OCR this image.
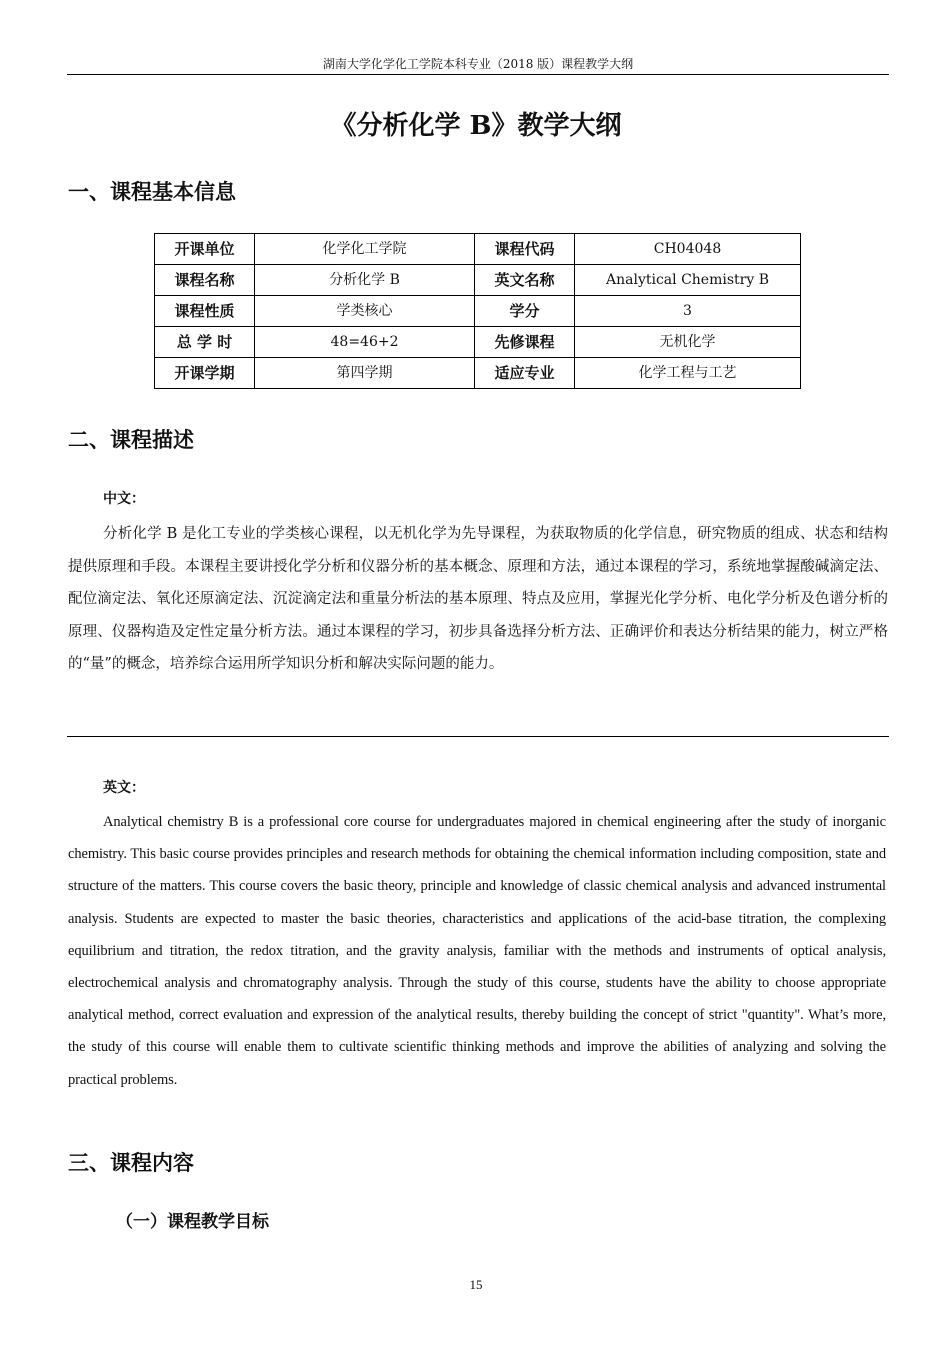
湖南大学化学化工学院本科专业（2018 版）课程教学大纲
《分析化学 B》教学大纲
一、课程基本信息
开课单位	化学化工学院	课程代码	CH04048
课程名称	分析化学 B	英文名称	Analytical Chemistry B
课程性质	学类核心	学分	3
总 学 时	48=46+2	先修课程	无机化学
开课学期	第四学期	适应专业	化学工程与工艺
二、课程描述
中文：

分析化学 B 是化工专业的学类核心课程，以无机化学为先导课程，为获取物质的化学信息，研究物质的组成、状态和结构提供原理和手段。本课程主要讲授化学分析和仪器分析的基本概念、原理和方法，通过本课程的学习，系统地掌握酸碱滴定法、配位滴定法、氧化还原滴定法、沉淀滴定法和重量分析法的基本原理、特点及应用，掌握光化学分析、电化学分析及色谱分析的原理、仪器构造及定性定量分析方法。通过本课程的学习，初步具备选择分析方法、正确评价和表达分析结果的能力，树立严格的“量”的概念，培养综合运用所学知识分析和解决实际问题的能力。

英文：

Analytical chemistry B is a professional core course for undergraduates majored in chemical engineering after the study of inorganic chemistry. This basic course provides principles and research methods for obtaining the chemical information including composition, state and structure of the matters. This course covers the basic theory, principle and knowledge of classic chemical analysis and advanced instrumental analysis. Students are expected to master the basic theories, characteristics and applications of the acid-base titration, the complexing equilibrium and titration, the redox titration, and the gravity analysis, familiar with the methods and instruments of optical analysis, electrochemical analysis and chromatography analysis. Through the study of this course, students have the ability to choose appropriate analytical method, correct evaluation and expression of the analytical results, thereby building the concept of strict "quantity". What’s more, the study of this course will enable them to cultivate scientific thinking methods and improve the abilities of analyzing and solving the practical problems.

三、课程内容
（一）课程教学目标
15
